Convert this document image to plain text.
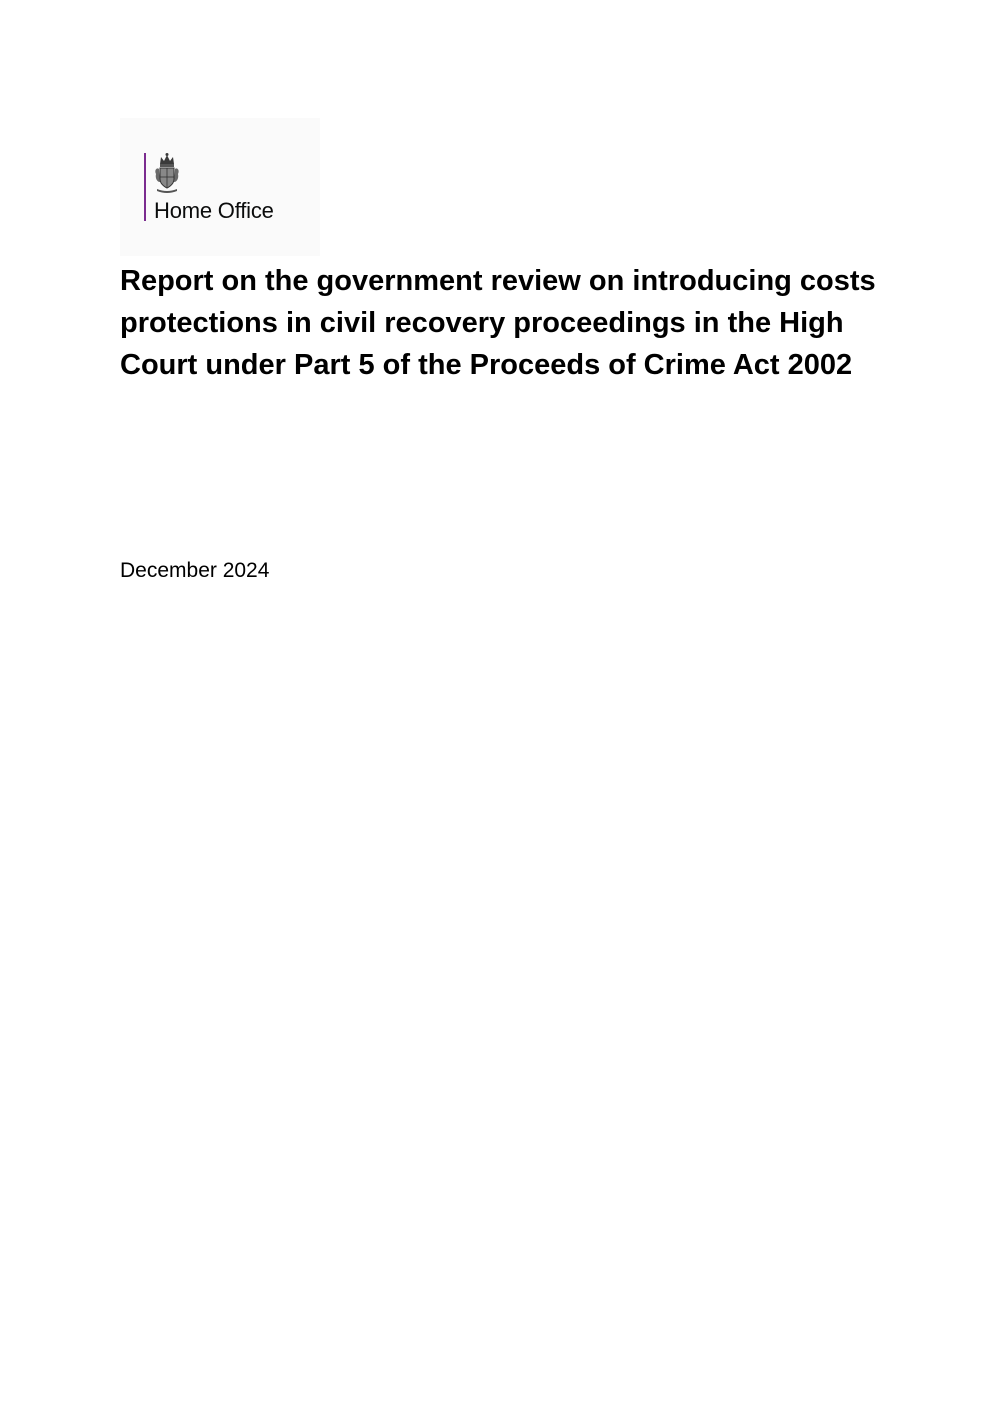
Home Office
Report on the government review on introducing costs protections in civil recovery proceedings in the High Court under Part 5 of the Proceeds of Crime Act 2002
December 2024
